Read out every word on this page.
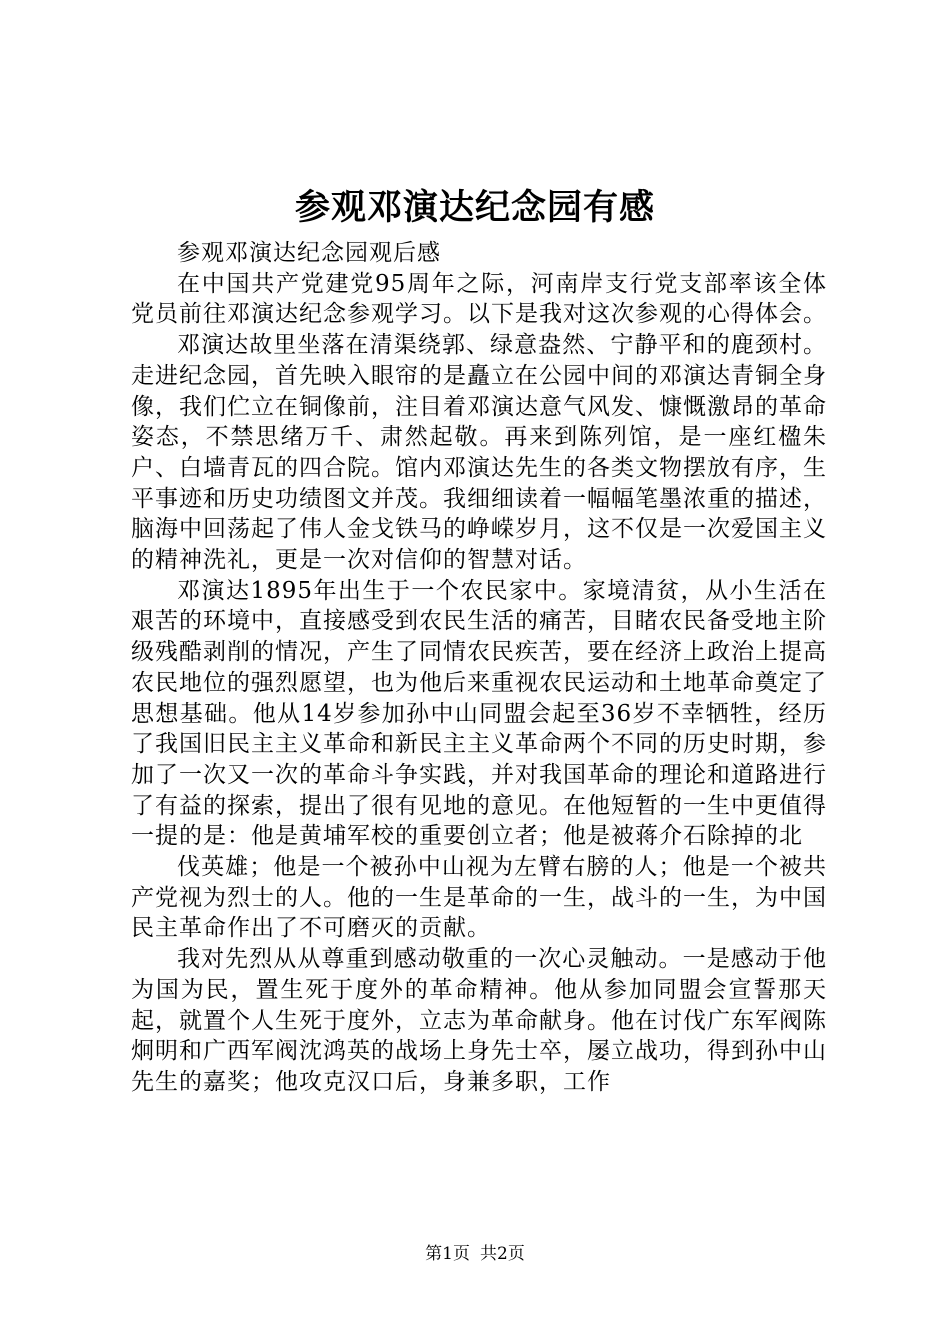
参观邓演达纪念园有感

参观邓演达纪念园观后感

在中国共产党建党95周年之际，河南岸支行党支部率该全体党员前往邓演达纪念参观学习。以下是我对这次参观的心得体会。

邓演达故里坐落在清渠绕郭、绿意盎然、宁静平和的鹿颈村。走进纪念园，首先映入眼帘的是矗立在公园中间的邓演达青铜全身像，我们伫立在铜像前，注目着邓演达意气风发、慷慨激昂的革命姿态，不禁思绪万千、肃然起敬。再来到陈列馆，是一座红楹朱户、白墙青瓦的四合院。馆内邓演达先生的各类文物摆放有序，生平事迹和历史功绩图文并茂。我细细读着一幅幅笔墨浓重的描述，脑海中回荡起了伟人金戈铁马的峥嵘岁月，这不仅是一次爱国主义的精神洗礼，更是一次对信仰的智慧对话。

邓演达1895年出生于一个农民家中。家境清贫，从小生活在艰苦的环境中，直接感受到农民生活的痛苦，目睹农民备受地主阶级残酷剥削的情况，产生了同情农民疾苦，要在经济上政治上提高农民地位的强烈愿望，也为他后来重视农民运动和土地革命奠定了思想基础。他从14岁参加孙中山同盟会起至36岁不幸牺牲，经历了我国旧民主主义革命和新民主主义革命两个不同的历史时期，参加了一次又一次的革命斗争实践，并对我国革命的理论和道路进行了有益的探索，提出了很有见地的意见。在他短暂的一生中更值得一提的是：他是黄埔军校的重要创立者；他是被蒋介石除掉的北

伐英雄；他是一个被孙中山视为左臂右膀的人；他是一个被共产党视为烈士的人。他的一生是革命的一生，战斗的一生，为中国民主革命作出了不可磨灭的贡献。

我对先烈从从尊重到感动敬重的一次心灵触动。一是感动于他为国为民，置生死于度外的革命精神。他从参加同盟会宣誓那天起，就置个人生死于度外，立志为革命献身。他在讨伐广东军阀陈炯明和广西军阀沈鸿英的战场上身先士卒，屡立战功，得到孙中山先生的嘉奖；他攻克汉口后，身兼多职，工作

第1页 共2页
